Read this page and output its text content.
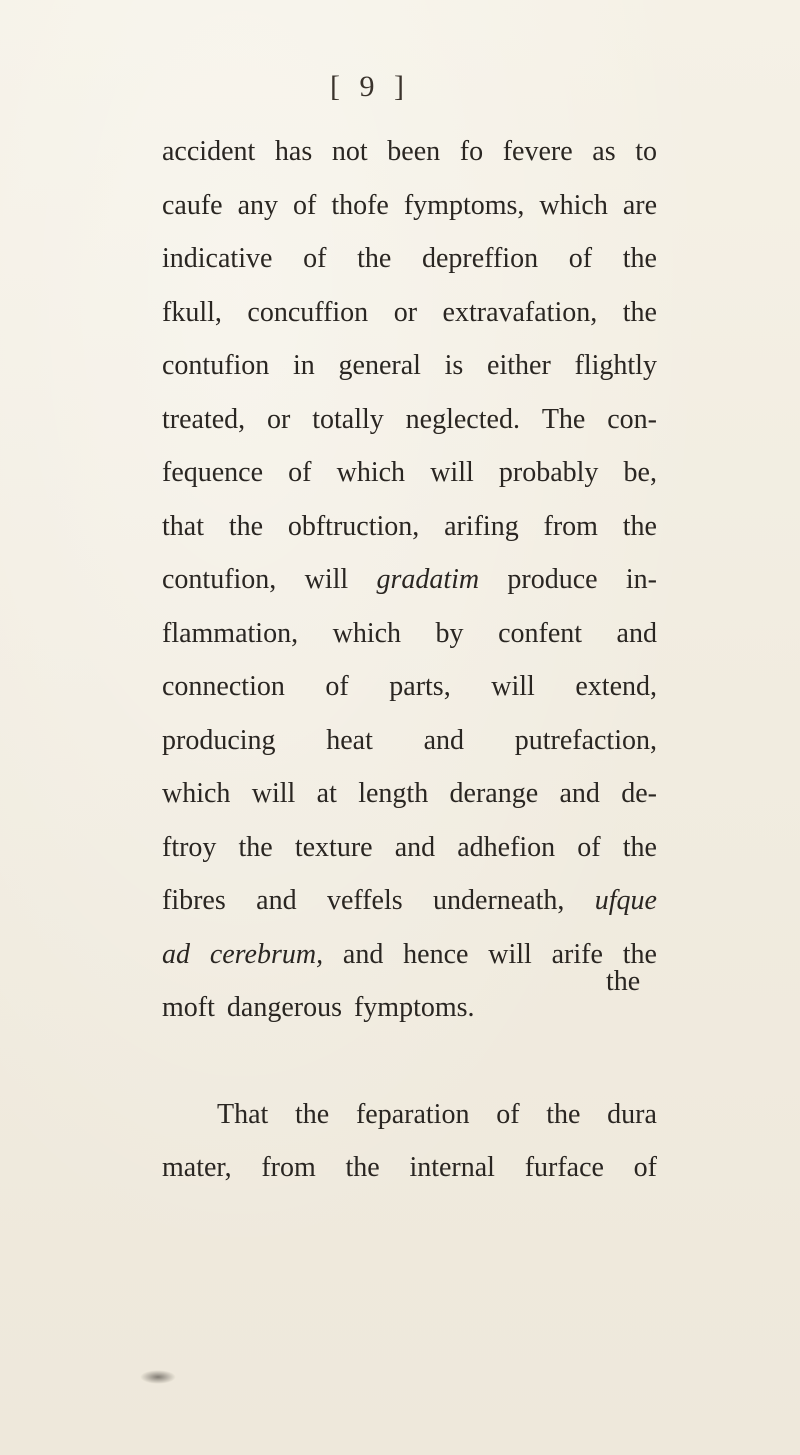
[ 9 ]
accident has not been fo fevere as to
caufe any of thofe fymptoms, which are
indicative of the depreffion of the
fkull, concuffion or extravafation, the
contufion in general is either flightly
treated, or totally neglected. The con-
fequence of which will probably be,
that the obftruction, arifing from the
contufion, will gradatim produce in-
flammation, which by confent and
connection of parts, will extend,
producing heat and putrefaction,
which will at length derange and de-
ftroy the texture and adhefion of the
fibres and veffels underneath, ufque
ad cerebrum, and hence will arife the
moft dangerous fymptoms.
That the feparation of the dura
mater, from the internal furface of
the
